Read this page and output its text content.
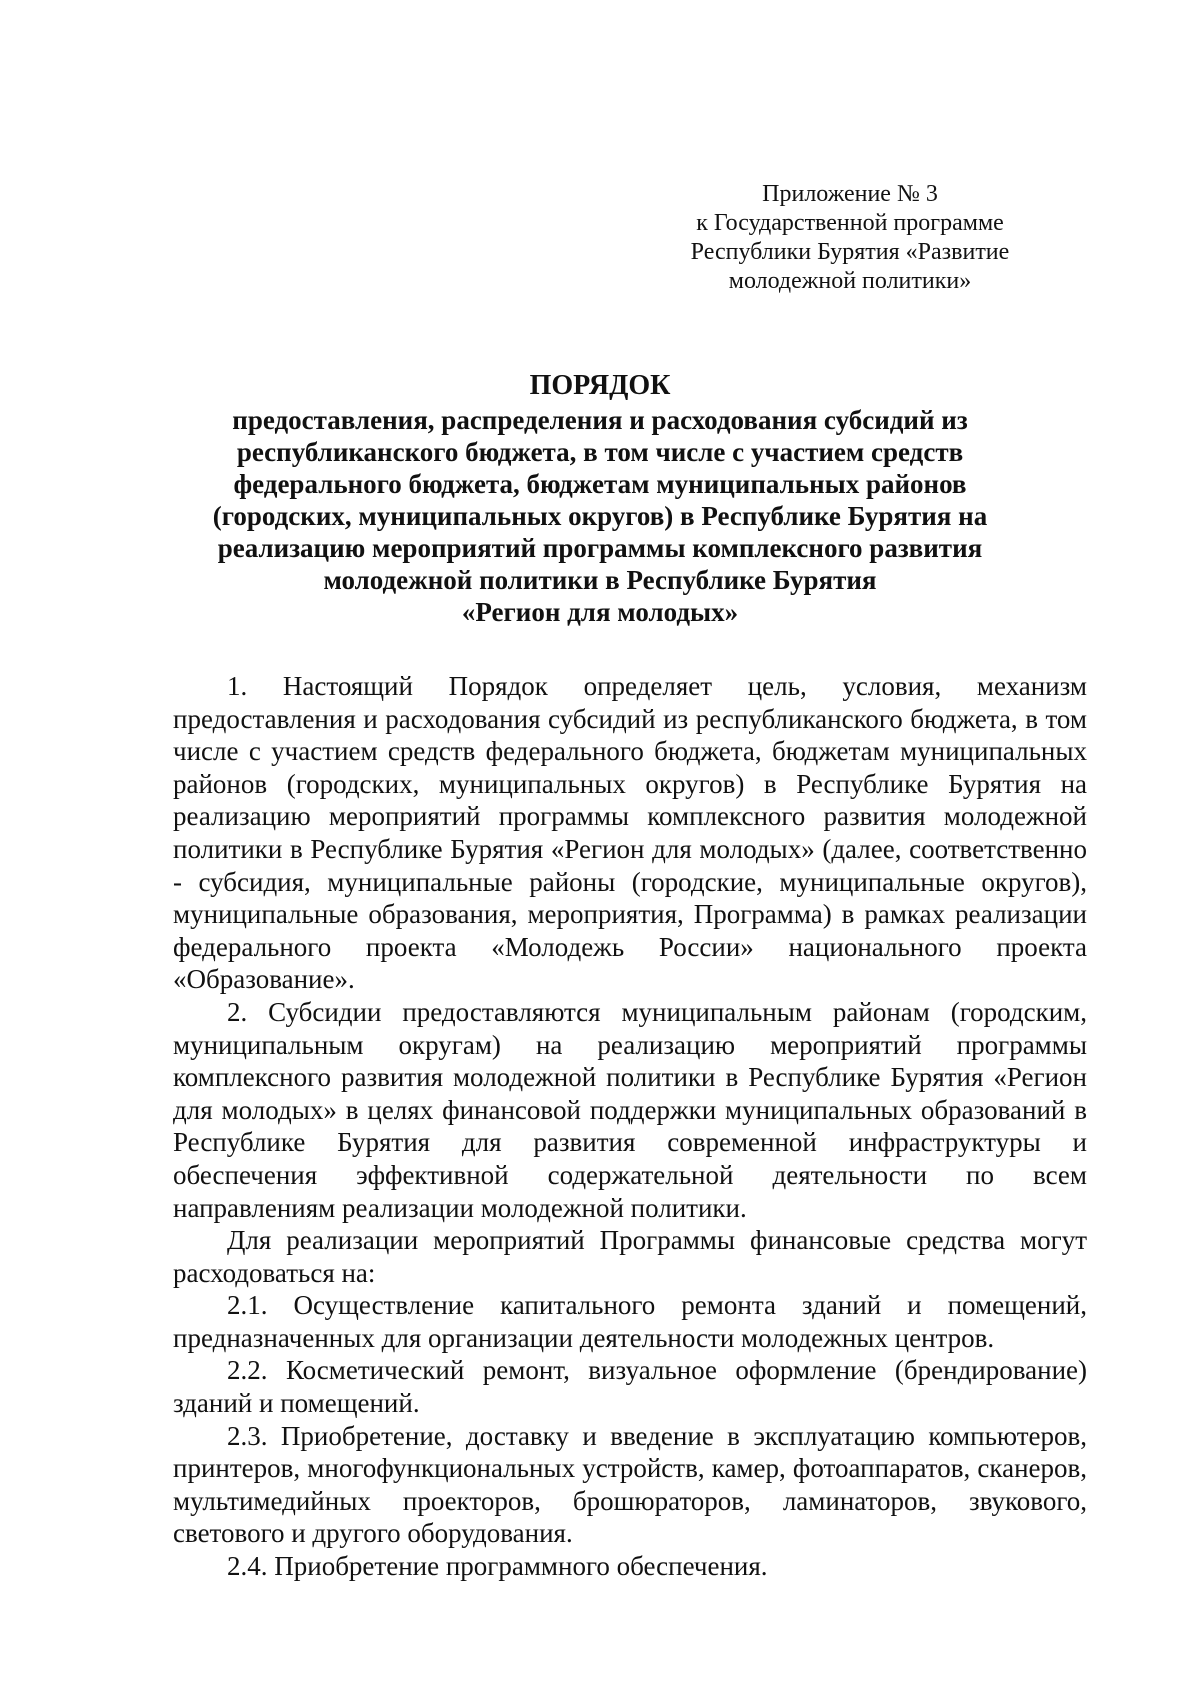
Приложение № 3
к Государственной программе
Республики Бурятия «Развитие
молодежной политики»
ПОРЯДОК
предоставления, распределения и расходования субсидий из
республиканского бюджета, в том числе с участием средств
федерального бюджета, бюджетам муниципальных районов
(городских, муниципальных округов) в Республике Бурятия на
реализацию мероприятий программы комплексного развития
молодежной политики в Республике Бурятия
«Регион для молодых»

1. Настоящий Порядок определяет цель, условия, механизм предоставления и расходования субсидий из республиканского бюджета, в том числе с участием средств федерального бюджета, бюджетам муниципальных районов (городских, муниципальных округов) в Республике Бурятия на реализацию мероприятий программы комплексного развития молодежной политики в Республике Бурятия «Регион для молодых» (далее, соответственно - субсидия, муниципальные районы (городские, муниципальные округов), муниципальные образования, мероприятия, Программа) в рамках реализации федерального проекта «Молодежь России» национального проекта «Образование».

2. Субсидии предоставляются муниципальным районам (городским, муниципальным округам) на реализацию мероприятий программы комплексного развития молодежной политики в Республике Бурятия «Регион для молодых» в целях финансовой поддержки муниципальных образований в Республике Бурятия для развития современной инфраструктуры и обеспечения эффективной содержательной деятельности по всем направлениям реализации молодежной политики.

Для реализации мероприятий Программы финансовые средства могут расходоваться на:

2.1. Осуществление капитального ремонта зданий и помещений, предназначенных для организации деятельности молодежных центров.

2.2. Косметический ремонт, визуальное оформление (брендирование) зданий и помещений.

2.3. Приобретение, доставку и введение в эксплуатацию компьютеров, принтеров, многофункциональных устройств, камер, фотоаппаратов, сканеров, мультимедийных проекторов, брошюраторов, ламинаторов, звукового, светового и другого оборудования.

2.4. Приобретение программного обеспечения.
